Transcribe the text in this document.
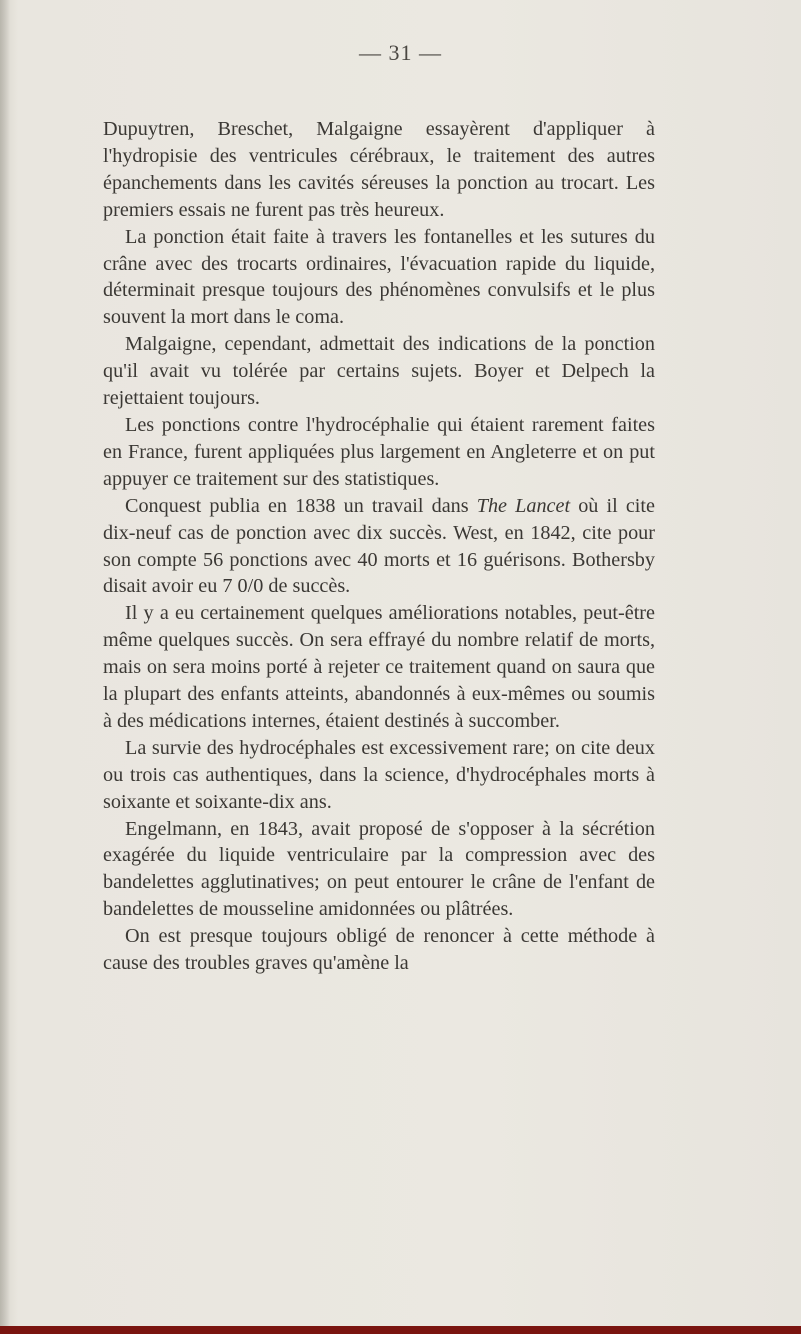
— 31 —

Dupuytren, Breschet, Malgaigne essayèrent d'appliquer à l'hydropisie des ventricules cérébraux, le traitement des autres épanchements dans les cavités séreuses la ponction au trocart. Les premiers essais ne furent pas très heureux.

La ponction était faite à travers les fontanelles et les sutures du crâne avec des trocarts ordinaires, l'évacuation rapide du liquide, déterminait presque toujours des phénomènes convulsifs et le plus souvent la mort dans le coma.

Malgaigne, cependant, admettait des indications de la ponction qu'il avait vu tolérée par certains sujets. Boyer et Delpech la rejettaient toujours.

Les ponctions contre l'hydrocéphalie qui étaient rarement faites en France, furent appliquées plus largement en Angleterre et on put appuyer ce traitement sur des statistiques.

Conquest publia en 1838 un travail dans The Lancet où il cite dix-neuf cas de ponction avec dix succès. West, en 1842, cite pour son compte 56 ponctions avec 40 morts et 16 guérisons. Bothersby disait avoir eu 7 0/0 de succès.

Il y a eu certainement quelques améliorations notables, peut-être même quelques succès. On sera effrayé du nombre relatif de morts, mais on sera moins porté à rejeter ce traitement quand on saura que la plupart des enfants atteints, abandonnés à eux-mêmes ou soumis à des médications internes, étaient destinés à succomber.

La survie des hydrocéphales est excessivement rare; on cite deux ou trois cas authentiques, dans la science, d'hydrocéphales morts à soixante et soixante-dix ans.

Engelmann, en 1843, avait proposé de s'opposer à la sécrétion exagérée du liquide ventriculaire par la compression avec des bandelettes agglutinatives; on peut entourer le crâne de l'enfant de bandelettes de mousseline amidonnées ou plâtrées.

On est presque toujours obligé de renoncer à cette méthode à cause des troubles graves qu'amène la
